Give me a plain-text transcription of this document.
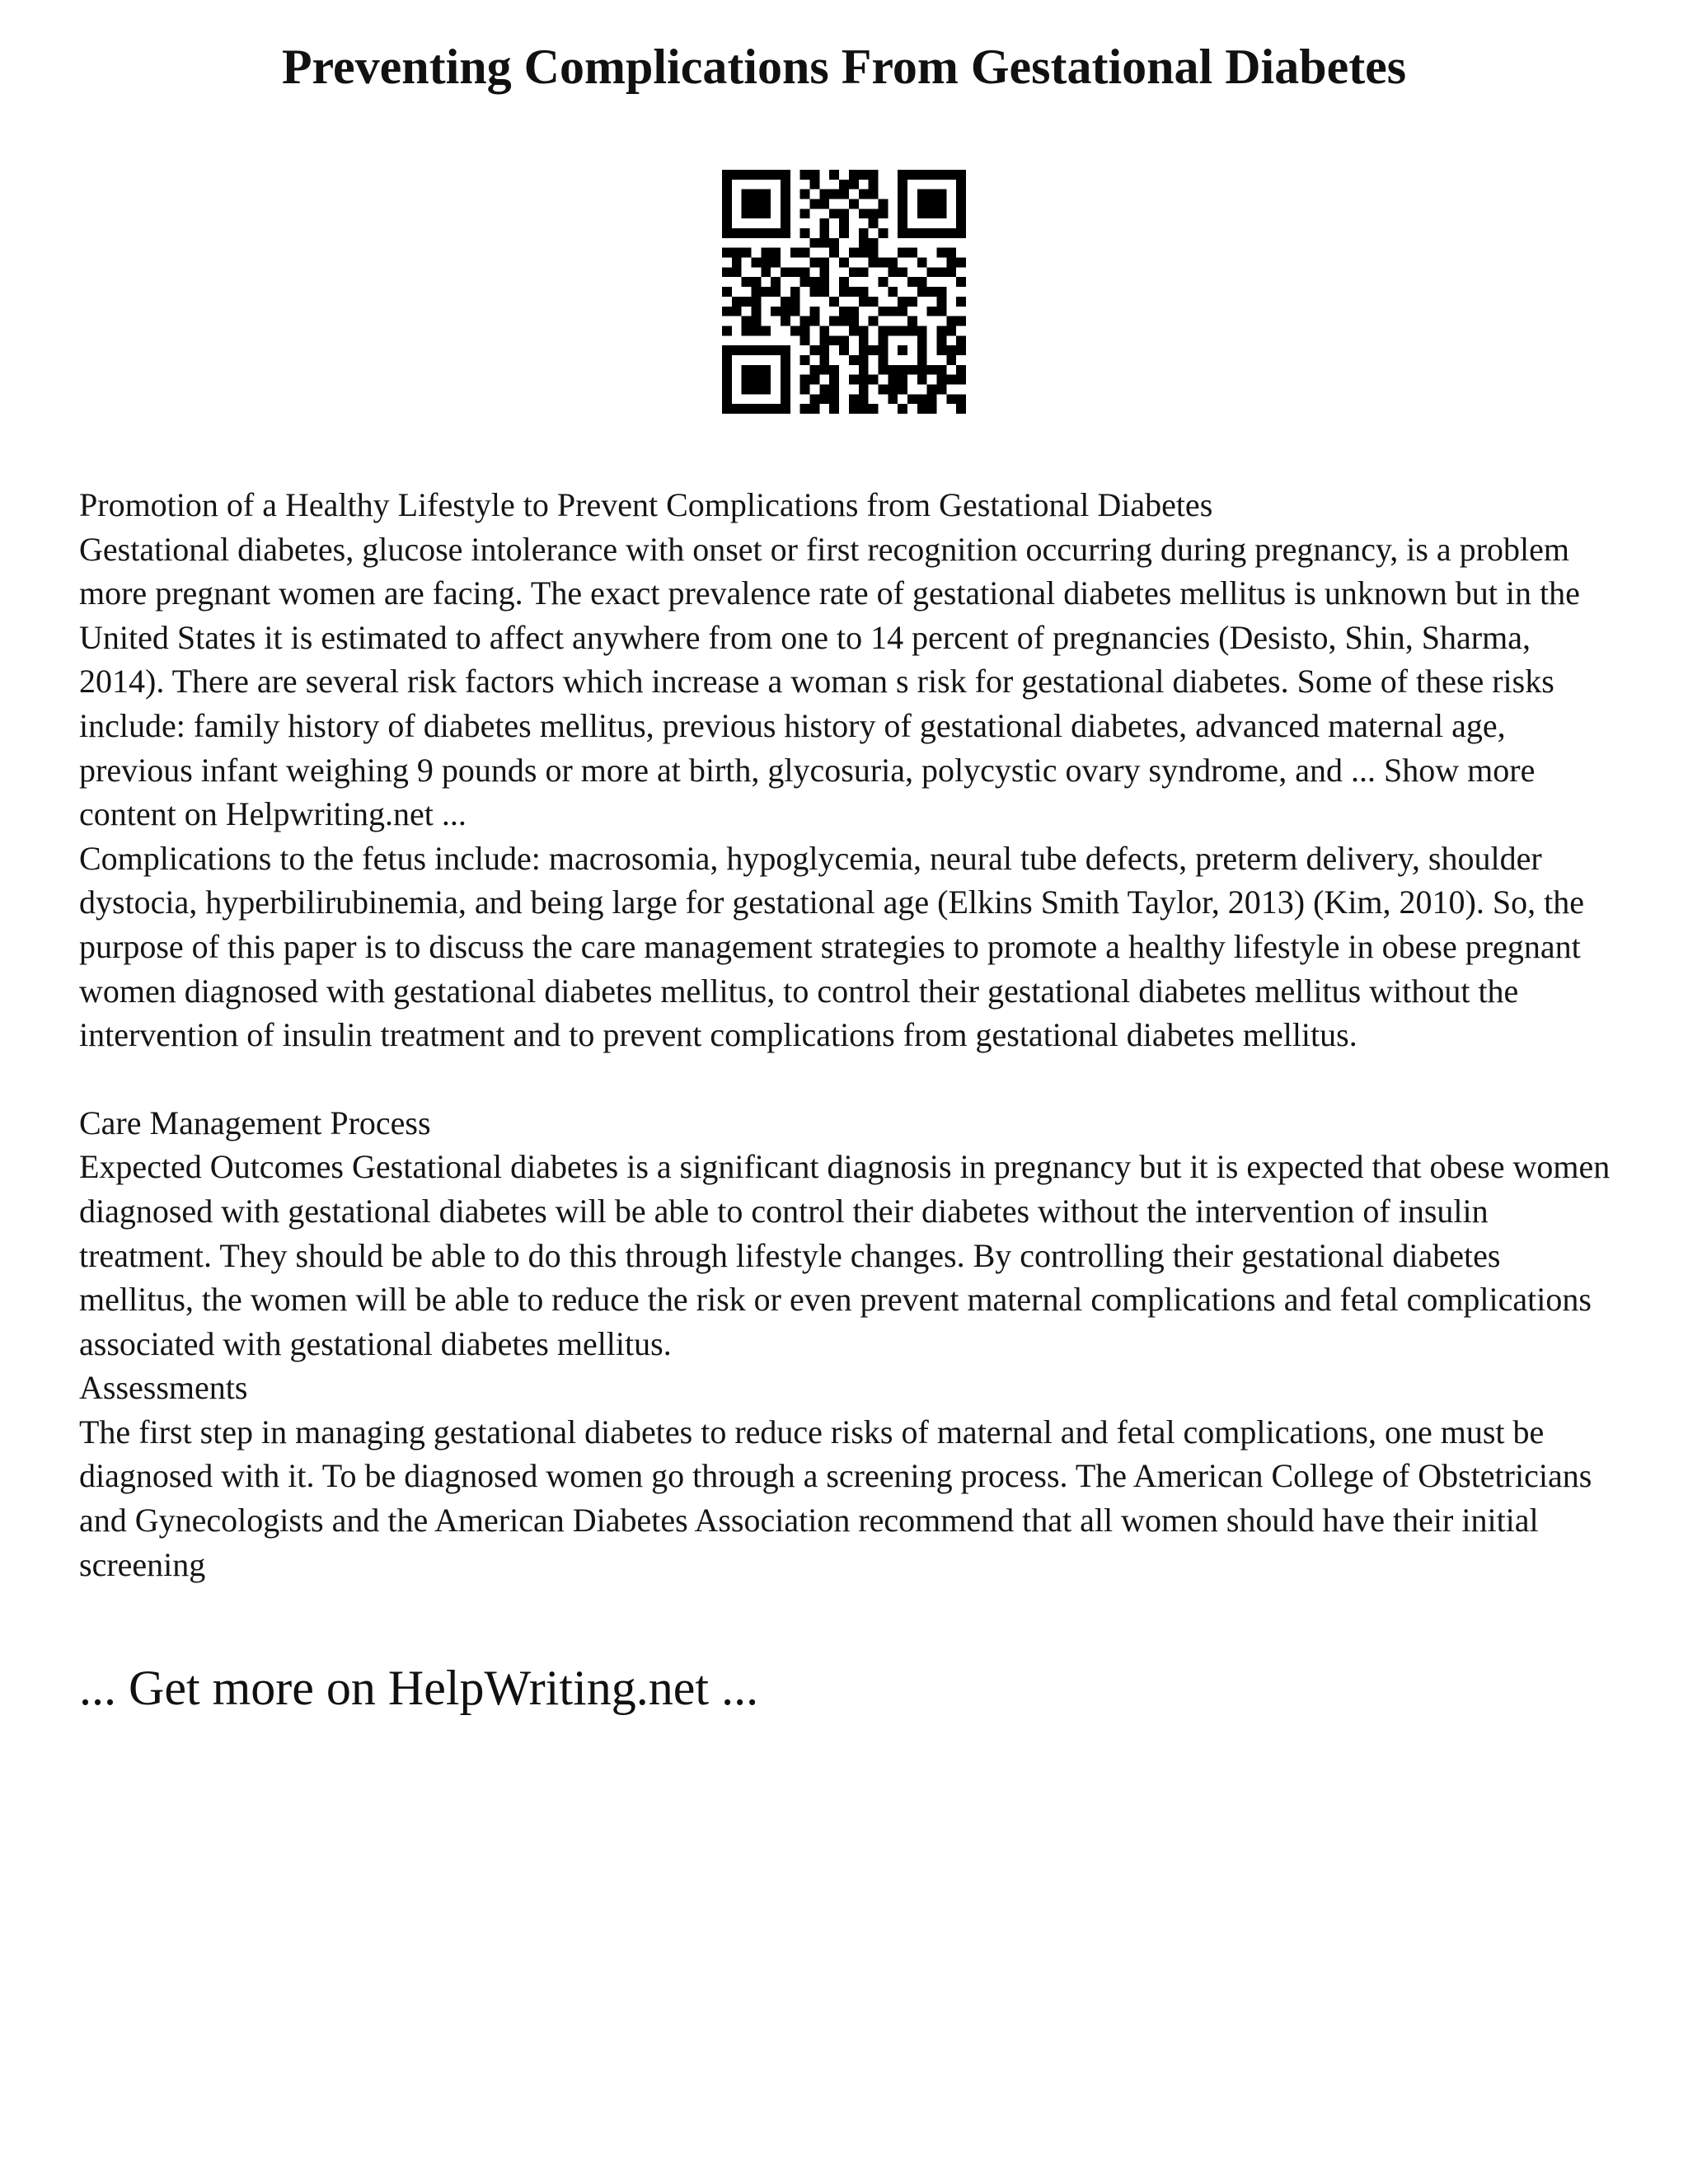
Preventing Complications From Gestational Diabetes

Promotion of a Healthy Lifestyle to Prevent Complications from Gestational Diabetes

Gestational diabetes, glucose intolerance with onset or first recognition occurring during pregnancy, is a problem more pregnant women are facing. The exact prevalence rate of gestational diabetes mellitus is unknown but in the United States it is estimated to affect anywhere from one to 14 percent of pregnancies (Desisto, Shin, Sharma, 2014). There are several risk factors which increase a woman s risk for gestational diabetes. Some of these risks include: family history of diabetes mellitus, previous history of gestational diabetes, advanced maternal age, previous infant weighing 9 pounds or more at birth, glycosuria, polycystic ovary syndrome, and ... Show more content on Helpwriting.net ...

Complications to the fetus include: macrosomia, hypoglycemia, neural tube defects, preterm delivery, shoulder dystocia, hyperbilirubinemia, and being large for gestational age (Elkins Smith Taylor, 2013) (Kim, 2010). So, the purpose of this paper is to discuss the care management strategies to promote a healthy lifestyle in obese pregnant women diagnosed with gestational diabetes mellitus, to control their gestational diabetes mellitus without the intervention of insulin treatment and to prevent complications from gestational diabetes mellitus.

Care Management Process

Expected Outcomes Gestational diabetes is a significant diagnosis in pregnancy but it is expected that obese women diagnosed with gestational diabetes will be able to control their diabetes without the intervention of insulin treatment. They should be able to do this through lifestyle changes. By controlling their gestational diabetes mellitus, the women will be able to reduce the risk or even prevent maternal complications and fetal complications associated with gestational diabetes mellitus.

Assessments

The first step in managing gestational diabetes to reduce risks of maternal and fetal complications, one must be diagnosed with it. To be diagnosed women go through a screening process. The American College of Obstetricians and Gynecologists and the American Diabetes Association recommend that all women should have their initial screening

... Get more on HelpWriting.net ...
